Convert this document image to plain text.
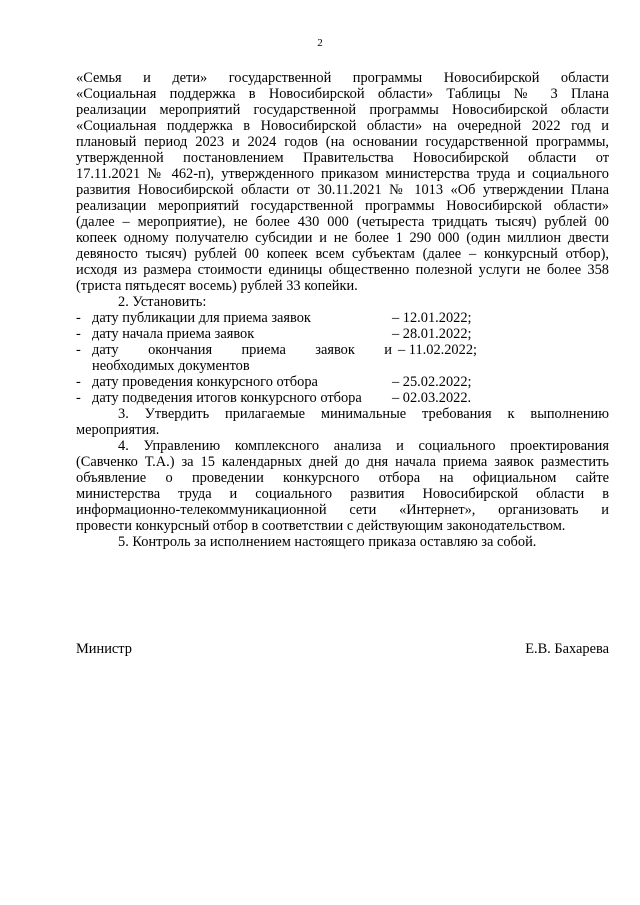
2
«Семья и дети» государственной программы Новосибирской области
«Социальная поддержка в Новосибирской области» Таблицы № 3 Плана
реализации мероприятий государственной программы Новосибирской области
«Социальная поддержка в Новосибирской области» на очередной 2022 год и
плановый период 2023 и 2024 годов (на основании государственной программы,
утвержденной постановлением Правительства Новосибирской области от
17.11.2021 № 462-п), утвержденного приказом министерства труда и социального
развития Новосибирской области от 30.11.2021 № 1013 «Об утверждении Плана
реализации мероприятий государственной программы Новосибирской области»
(далее – мероприятие), не более 430 000 (четыреста тридцать тысяч) рублей 00
копеек одному получателю субсидии и не более 1 290 000 (один миллион двести
девяносто тысяч) рублей 00 копеек всем субъектам (далее – конкурсный отбор),
исходя из размера стоимости единицы общественно полезной услуги не более 358
(триста пятьдесят восемь) рублей 33 копейки.
2. Установить:
- дату публикации для приема заявок	– 12.01.2022;
- дату начала приема заявок	– 28.01.2022;
- дату окончания приема заявок и – 11.02.2022;
необходимых документов
- дату проведения конкурсного отбора	– 25.02.2022;
- дату подведения итогов конкурсного отбора	– 02.03.2022.
3. Утвердить прилагаемые минимальные требования к выполнению
мероприятия.
4. Управлению комплексного анализа и социального проектирования
(Савченко Т.А.) за 15 календарных дней до дня начала приема заявок разместить
объявление о проведении конкурсного отбора на официальном сайте
министерства труда и социального развития Новосибирской области в
информационно-телекоммуникационной сети «Интернет», организовать и
провести конкурсный отбор в соответствии с действующим законодательством.
5. Контроль за исполнением настоящего приказа оставляю за собой.
Министр	Е.В. Бахарева
